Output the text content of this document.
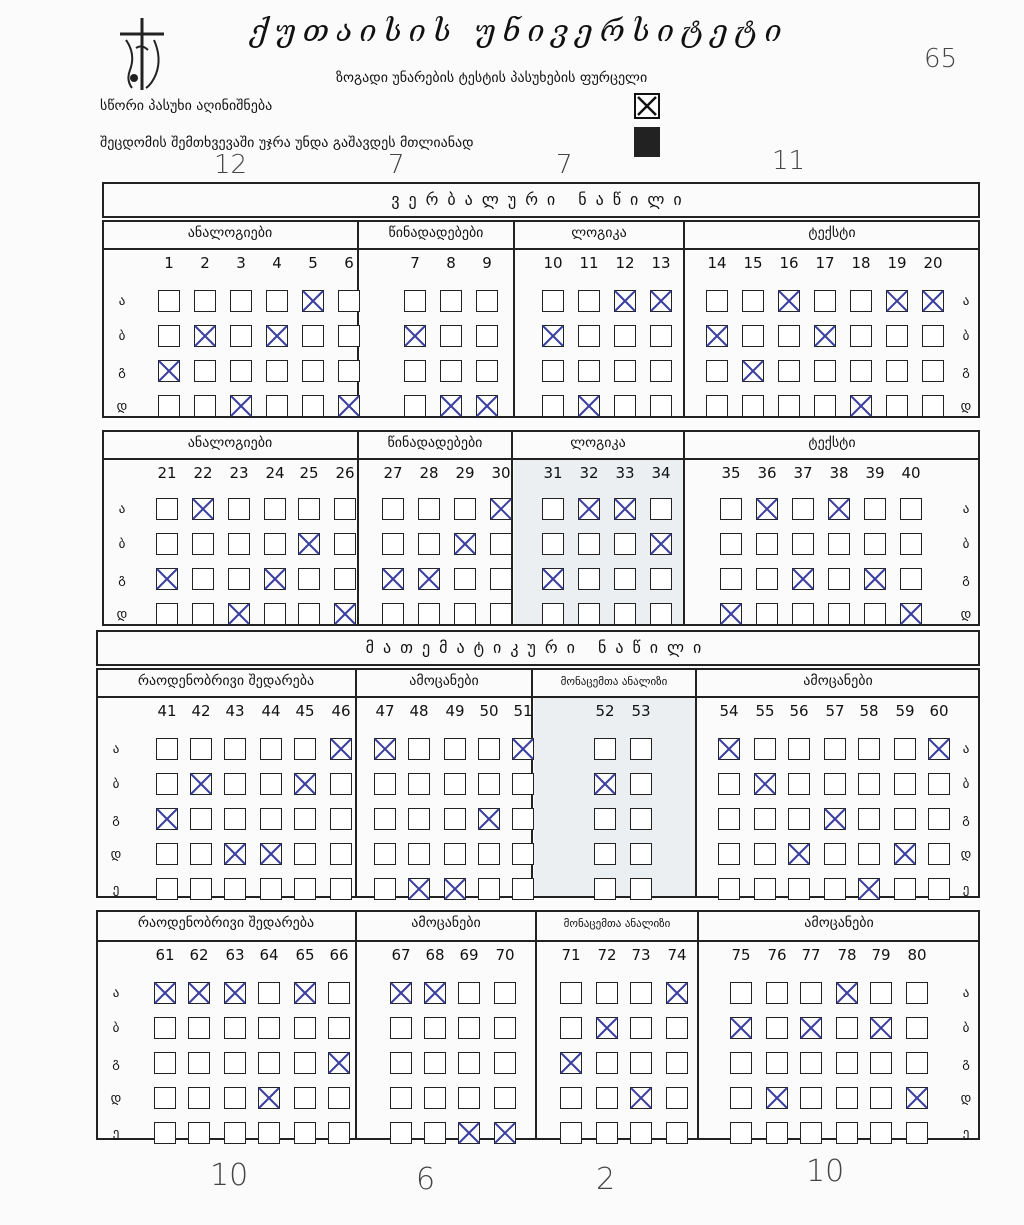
ქუთაისის უნივერსიტეტი
ზოგადი უნარების ტესტის პასუხების ფურცელი
სწორი პასუხი აღინიშნება
შეცდომის შემთხვევაში უჯრა უნდა გაშავდეს მთლიანად
65
12	7	7	11
10	6	2	10
ვერბალური ნაწილი
მათემატიკური ნაწილი
ანალოგიები	წინადადებები	ლოგიკა	ტექსტი
ა
ბ
გ
დ
ა
ბ
გ
დ
1	2	3	4	5	6	7	8	9	10	11	12	13	14	15	16	17	18	19	20
ანალოგიები	წინადადებები	ლოგიკა	ტექსტი
ა
ბ
გ
დ
ა
ბ
გ
დ
21	22	23	24 25	26	27	28	29	30	31	32	33	34	35	36	37	38	39	40
რაოდენობრივი შედარება	ამოცანები	მონაცემთა ანალიზი	ამოცანები
ა
ბ
გ
დ
ე
ა
ბ
გ
დ
ე
41 42 43	44 45	46	47 48	49 50 51	52	53	54	55 56	57 58	59 60
რაოდენობრივი შედარება	ამოცანები	მონაცემთა ანალიზი	ამოცანები
ა
ბ
გ
დ
ე
ა
ბ
გ
დ
ე
61 62	63 64	65 66	67 68 69	70	71	72 73	74	75	76 77	78 79	80
